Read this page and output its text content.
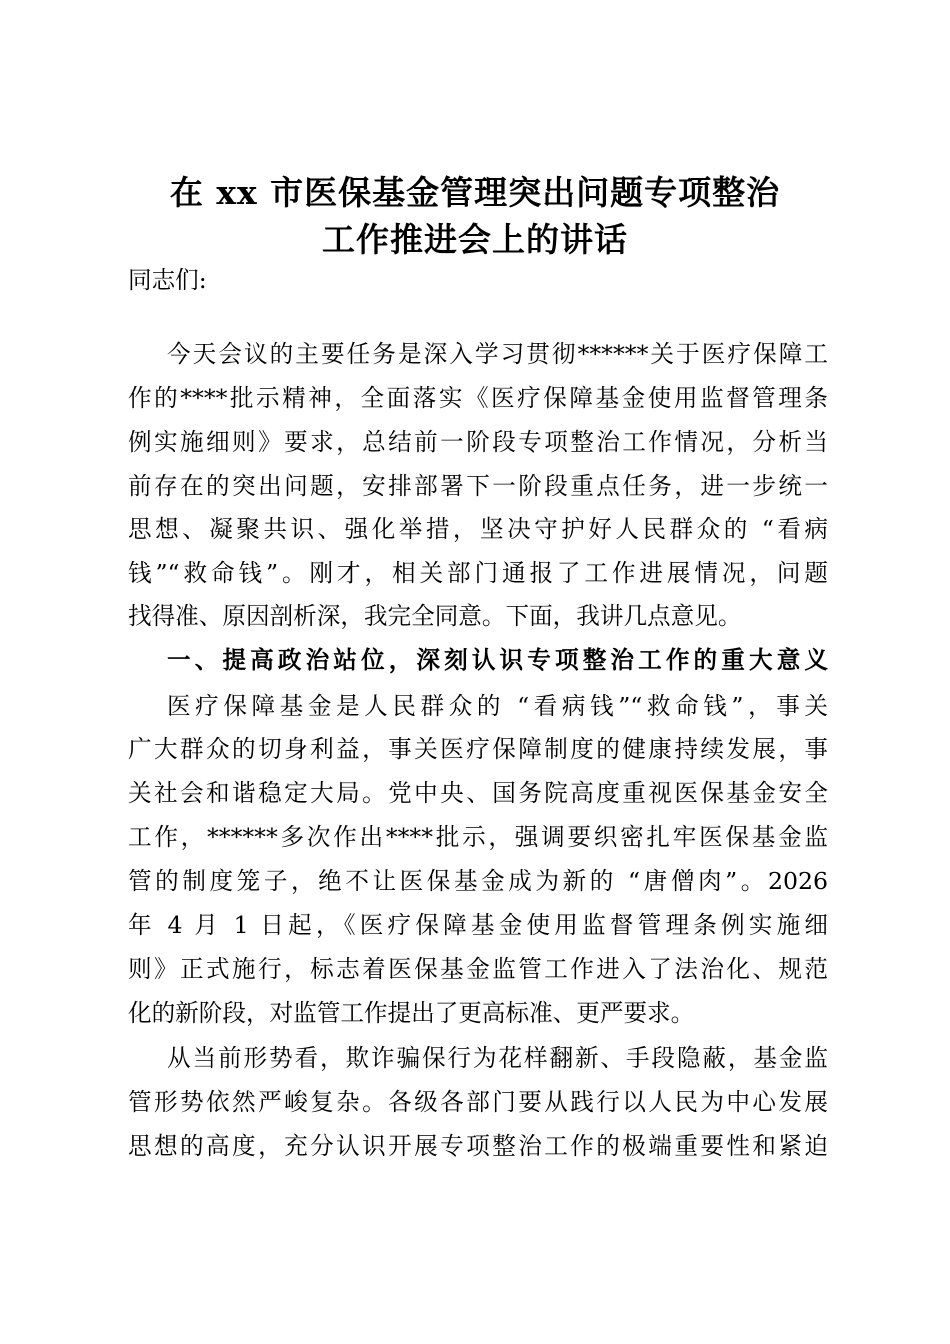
在 xx 市医保基金管理突出问题专项整治
工作推进会上的讲话
同志们:
今天会议的主要任务是深入学习贯彻******关于医疗保障工
作的****批示精神，全面落实《医疗保障基金使用监督管理条
例实施细则》要求，总结前一阶段专项整治工作情况，分析当
前存在的突出问题，安排部署下一阶段重点任务，进一步统一
思想、凝聚共识、强化举措，坚决守护好人民群众的 “看病
钱”“救命钱”。刚才，相关部门通报了工作进展情况，问题
找得准、原因剖析深，我完全同意。下面，我讲几点意见。
一、提高政治站位，深刻认识专项整治工作的重大意义
医疗保障基金是人民群众的 “看病钱”“救命钱”，事关
广大群众的切身利益，事关医疗保障制度的健康持续发展，事
关社会和谐稳定大局。党中央、国务院高度重视医保基金安全
工作，******多次作出****批示，强调要织密扎牢医保基金监
管的制度笼子，绝不让医保基金成为新的 “唐僧肉”。2026
年 4 月 1 日起，《医疗保障基金使用监督管理条例实施细
则》正式施行，标志着医保基金监管工作进入了法治化、规范
化的新阶段，对监管工作提出了更高标准、更严要求。
从当前形势看，欺诈骗保行为花样翻新、手段隐蔽，基金监
管形势依然严峻复杂。各级各部门要从践行以人民为中心发展
思想的高度，充分认识开展专项整治工作的极端重要性和紧迫
